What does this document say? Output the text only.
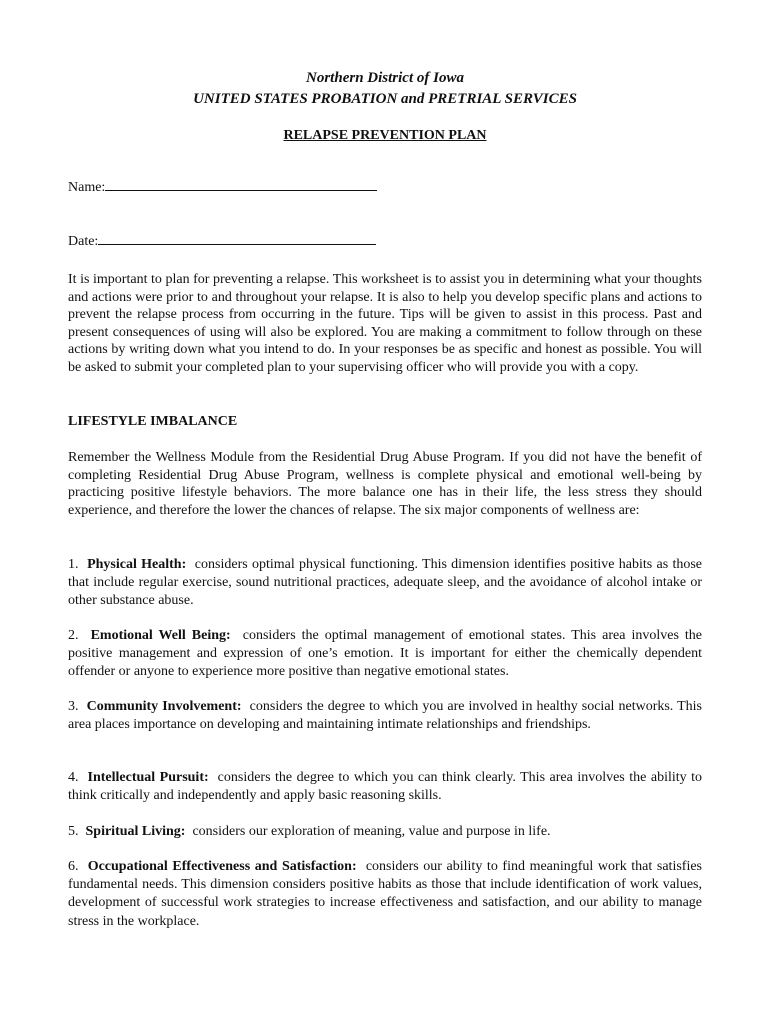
Northern District of Iowa
UNITED STATES PROBATION and PRETRIAL SERVICES
RELAPSE PREVENTION PLAN
Name:
Date:
It is important to plan for preventing a relapse. This worksheet is to assist you in determining what your thoughts and actions were prior to and throughout your relapse. It is also to help you develop specific plans and actions to prevent the relapse process from occurring in the future. Tips will be given to assist in this process. Past and present consequences of using will also be explored. You are making a commitment to follow through on these actions by writing down what you intend to do. In your responses be as specific and honest as possible. You will be asked to submit your completed plan to your supervising officer who will provide you with a copy.
LIFESTYLE IMBALANCE
Remember the Wellness Module from the Residential Drug Abuse Program. If you did not have the benefit of completing Residential Drug Abuse Program, wellness is complete physical and emotional well-being by practicing positive lifestyle behaviors. The more balance one has in their life, the less stress they should experience, and therefore the lower the chances of relapse. The six major components of wellness are:
1. Physical Health: considers optimal physical functioning. This dimension identifies positive habits as those that include regular exercise, sound nutritional practices, adequate sleep, and the avoidance of alcohol intake or other substance abuse.
2. Emotional Well Being: considers the optimal management of emotional states. This area involves the positive management and expression of one’s emotion. It is important for either the chemically dependent offender or anyone to experience more positive than negative emotional states.
3. Community Involvement: considers the degree to which you are involved in healthy social networks. This area places importance on developing and maintaining intimate relationships and friendships.
4. Intellectual Pursuit: considers the degree to which you can think clearly. This area involves the ability to think critically and independently and apply basic reasoning skills.
5. Spiritual Living: considers our exploration of meaning, value and purpose in life.
6. Occupational Effectiveness and Satisfaction: considers our ability to find meaningful work that satisfies fundamental needs. This dimension considers positive habits as those that include identification of work values, development of successful work strategies to increase effectiveness and satisfaction, and our ability to manage stress in the workplace.
